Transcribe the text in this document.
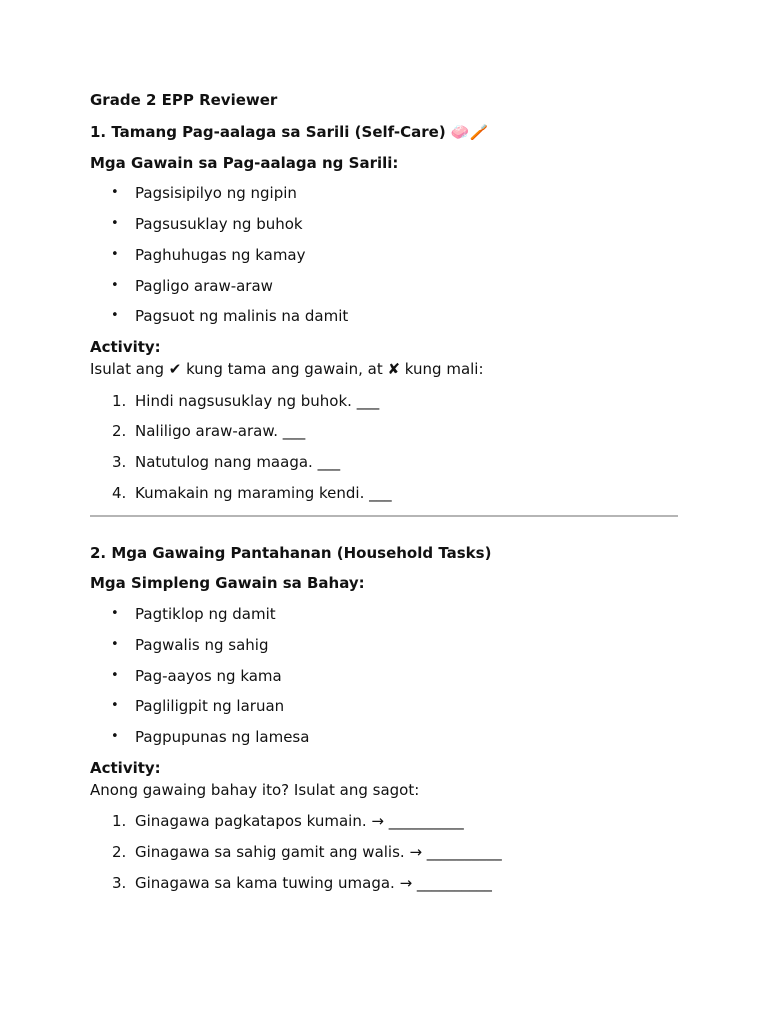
Grade 2 EPP Reviewer

1. Tamang Pag-aalaga sa Sarili (Self-Care) 🧼🪥

Mga Gawain sa Pag-aalaga ng Sarili:

• Pagsisipilyo ng ngipin
• Pagsusuklay ng buhok
• Paghuhugas ng kamay
• Pagligo araw-araw
• Pagsuot ng malinis na damit

Activity:

Isulat ang ✔ kung tama ang gawain, at ✘ kung mali:

1. Hindi nagsusuklay ng buhok. ___
2. Naliligo araw-araw. ___
3. Natutulog nang maaga. ___
4. Kumakain ng maraming kendi. ___

2. Mga Gawaing Pantahanan (Household Tasks)

Mga Simpleng Gawain sa Bahay:

• Pagtiklop ng damit
• Pagwalis ng sahig
• Pag-aayos ng kama
• Pagliligpit ng laruan
• Pagpupunas ng lamesa

Activity:

Anong gawaing bahay ito? Isulat ang sagot:

1. Ginagawa pagkatapos kumain. → __________
2. Ginagawa sa sahig gamit ang walis. → __________
3. Ginagawa sa kama tuwing umaga. → __________
